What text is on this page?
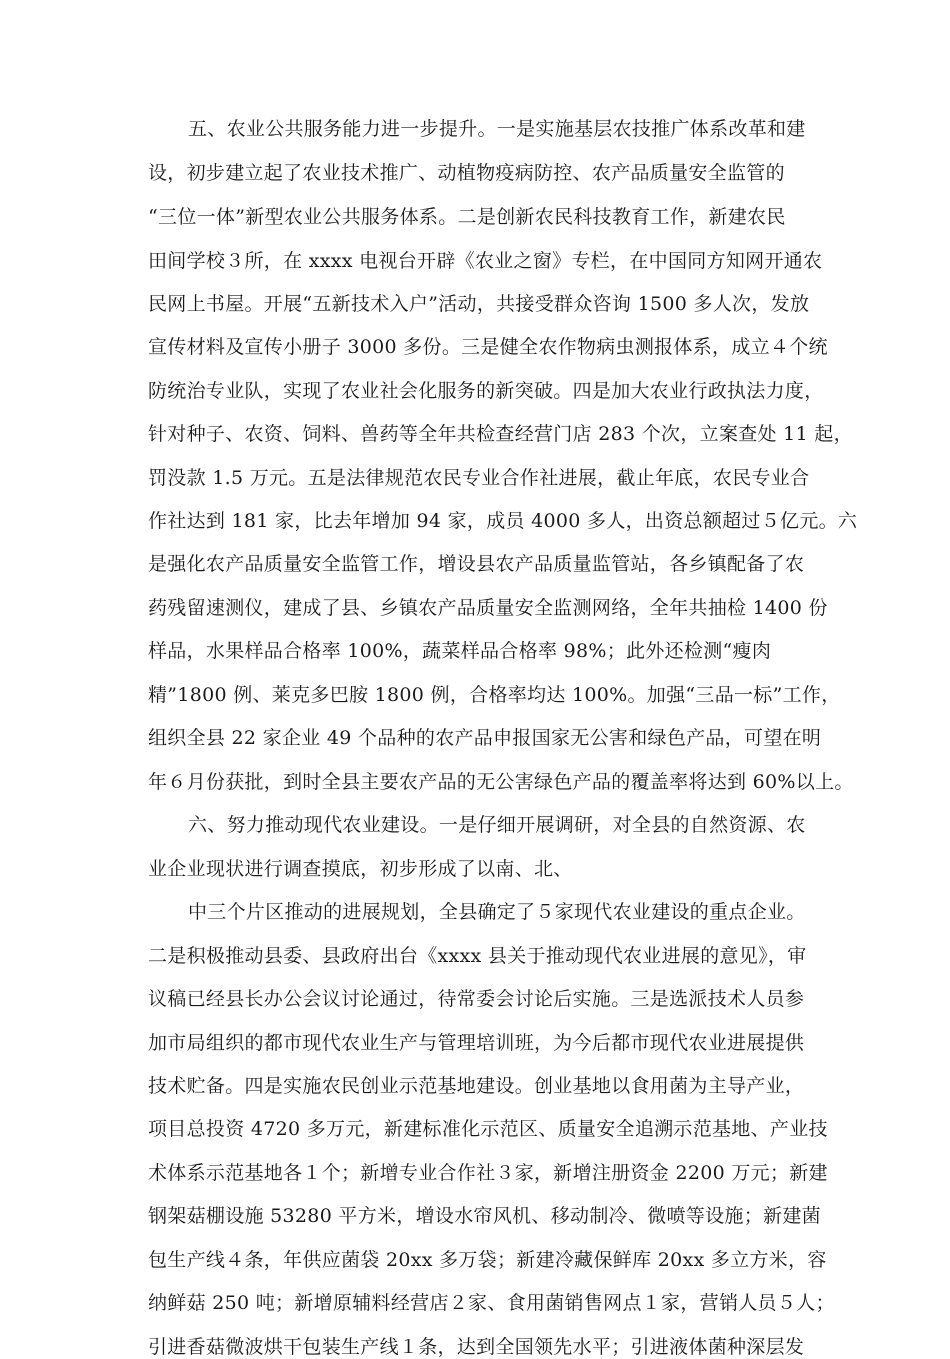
五、农业公共服务能力进一步提升。一是实施基层农技推广体系改革和建
设，初步建立起了农业技术推广、动植物疫病防控、农产品质量安全监管的
“三位一体”新型农业公共服务体系。二是创新农民科技教育工作，新建农民
田间学校３所，在 xxxx 电视台开辟《农业之窗》专栏，在中国同方知网开通农
民网上书屋。开展“五新技术入户”活动，共接受群众咨询 1500 多人次，发放
宣传材料及宣传小册子 3000 多份。三是健全农作物病虫测报体系，成立４个统
防统治专业队，实现了农业社会化服务的新突破。四是加大农业行政执法力度，
针对种子、农资、饲料、兽药等全年共检查经营门店 283 个次，立案查处 11 起，
罚没款 1.5 万元。五是法律规范农民专业合作社进展，截止年底，农民专业合
作社达到 181 家，比去年增加 94 家，成员 4000 多人，出资总额超过５亿元。六
是强化农产品质量安全监管工作，增设县农产品质量监管站，各乡镇配备了农
药残留速测仪，建成了县、乡镇农产品质量安全监测网络，全年共抽检 1400 份
样品，水果样品合格率 100%，蔬菜样品合格率 98%；此外还检测“瘦肉
精”1800 例、莱克多巴胺 1800 例，合格率均达 100%。加强“三品一标”工作，
组织全县 22 家企业 49 个品种的农产品申报国家无公害和绿色产品，可望在明
年６月份获批，到时全县主要农产品的无公害绿色产品的覆盖率将达到 60%以上。
六、努力推动现代农业建设。一是仔细开展调研，对全县的自然资源、农
业企业现状进行调查摸底，初步形成了以南、北、
中三个片区推动的进展规划，全县确定了５家现代农业建设的重点企业。
二是积极推动县委、县政府出台《xxxx 县关于推动现代农业进展的意见》，审
议稿已经县长办公会议讨论通过，待常委会讨论后实施。三是选派技术人员参
加市局组织的都市现代农业生产与管理培训班，为今后都市现代农业进展提供
技术贮备。四是实施农民创业示范基地建设。创业基地以食用菌为主导产业，
项目总投资 4720 多万元，新建标准化示范区、质量安全追溯示范基地、产业技
术体系示范基地各１个；新增专业合作社３家，新增注册资金 2200 万元；新建
钢架菇棚设施 53280 平方米，增设水帘风机、移动制冷、微喷等设施；新建菌
包生产线４条，年供应菌袋 20xx 多万袋；新建冷藏保鲜库 20xx 多立方米，容
纳鲜菇 250 吨；新增原辅料经营店２家、食用菌销售网点１家，营销人员５人；
引进香菇微波烘干包装生产线１条，达到全国领先水平；引进液体菌种深层发
